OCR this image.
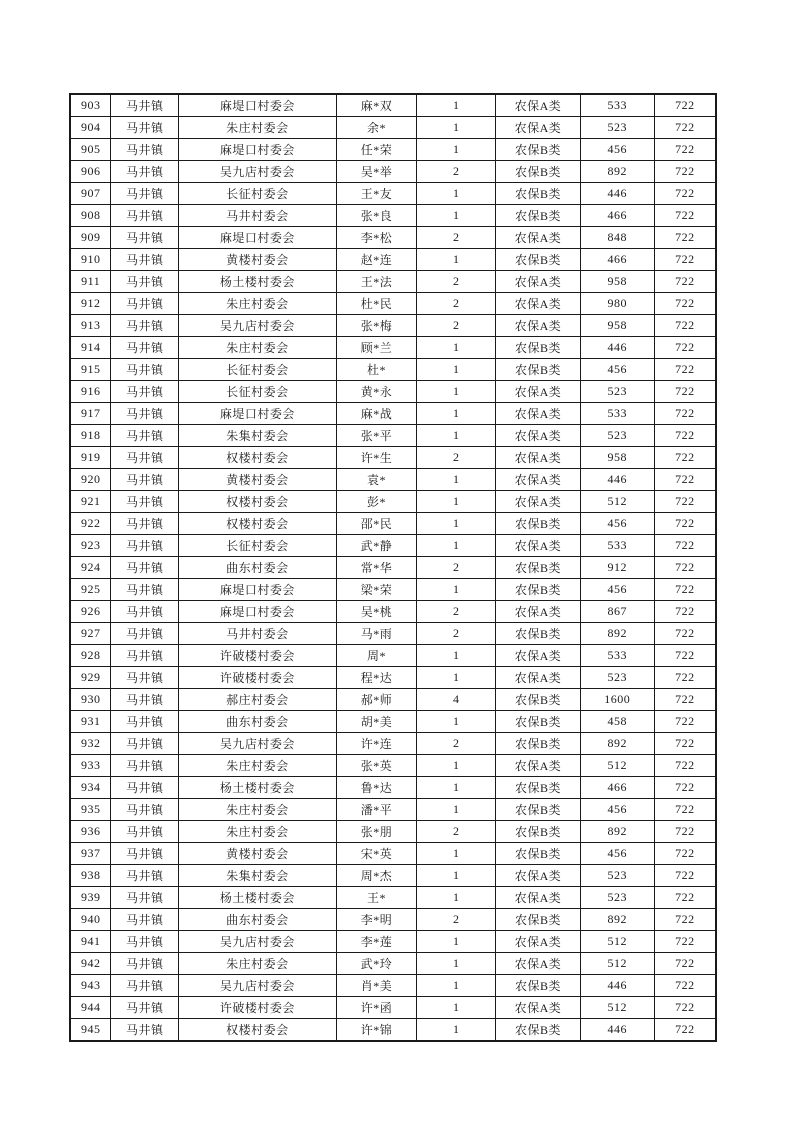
903	马井镇	麻堤口村委会	麻*双	1	农保A类	533	722
904	马井镇	朱庄村委会	余*	1	农保A类	523	722
905	马井镇	麻堤口村委会	任*荣	1	农保B类	456	722
906	马井镇	吴九店村委会	吴*举	2	农保B类	892	722
907	马井镇	长征村委会	王*友	1	农保B类	446	722
908	马井镇	马井村委会	张*良	1	农保B类	466	722
909	马井镇	麻堤口村委会	李*松	2	农保A类	848	722
910	马井镇	黄楼村委会	赵*连	1	农保B类	466	722
911	马井镇	杨土楼村委会	王*法	2	农保A类	958	722
912	马井镇	朱庄村委会	杜*民	2	农保A类	980	722
913	马井镇	吴九店村委会	张*梅	2	农保A类	958	722
914	马井镇	朱庄村委会	顾*兰	1	农保B类	446	722
915	马井镇	长征村委会	杜*	1	农保B类	456	722
916	马井镇	长征村委会	黄*永	1	农保A类	523	722
917	马井镇	麻堤口村委会	麻*战	1	农保A类	533	722
918	马井镇	朱集村委会	张*平	1	农保A类	523	722
919	马井镇	权楼村委会	许*生	2	农保A类	958	722
920	马井镇	黄楼村委会	袁*	1	农保A类	446	722
921	马井镇	权楼村委会	彭*	1	农保A类	512	722
922	马井镇	权楼村委会	邵*民	1	农保B类	456	722
923	马井镇	长征村委会	武*静	1	农保A类	533	722
924	马井镇	曲东村委会	常*华	2	农保B类	912	722
925	马井镇	麻堤口村委会	梁*荣	1	农保B类	456	722
926	马井镇	麻堤口村委会	吴*桃	2	农保A类	867	722
927	马井镇	马井村委会	马*雨	2	农保B类	892	722
928	马井镇	许破楼村委会	周*	1	农保A类	533	722
929	马井镇	许破楼村委会	程*达	1	农保A类	523	722
930	马井镇	郝庄村委会	郝*师	4	农保B类	1600	722
931	马井镇	曲东村委会	胡*美	1	农保B类	458	722
932	马井镇	吴九店村委会	许*连	2	农保B类	892	722
933	马井镇	朱庄村委会	张*英	1	农保A类	512	722
934	马井镇	杨土楼村委会	鲁*达	1	农保B类	466	722
935	马井镇	朱庄村委会	潘*平	1	农保B类	456	722
936	马井镇	朱庄村委会	张*朋	2	农保B类	892	722
937	马井镇	黄楼村委会	宋*英	1	农保B类	456	722
938	马井镇	朱集村委会	周*杰	1	农保A类	523	722
939	马井镇	杨土楼村委会	王*	1	农保A类	523	722
940	马井镇	曲东村委会	李*明	2	农保B类	892	722
941	马井镇	吴九店村委会	李*莲	1	农保A类	512	722
942	马井镇	朱庄村委会	武*玲	1	农保A类	512	722
943	马井镇	吴九店村委会	肖*美	1	农保B类	446	722
944	马井镇	许破楼村委会	许*函	1	农保A类	512	722
945	马井镇	权楼村委会	许*锦	1	农保B类	446	722
